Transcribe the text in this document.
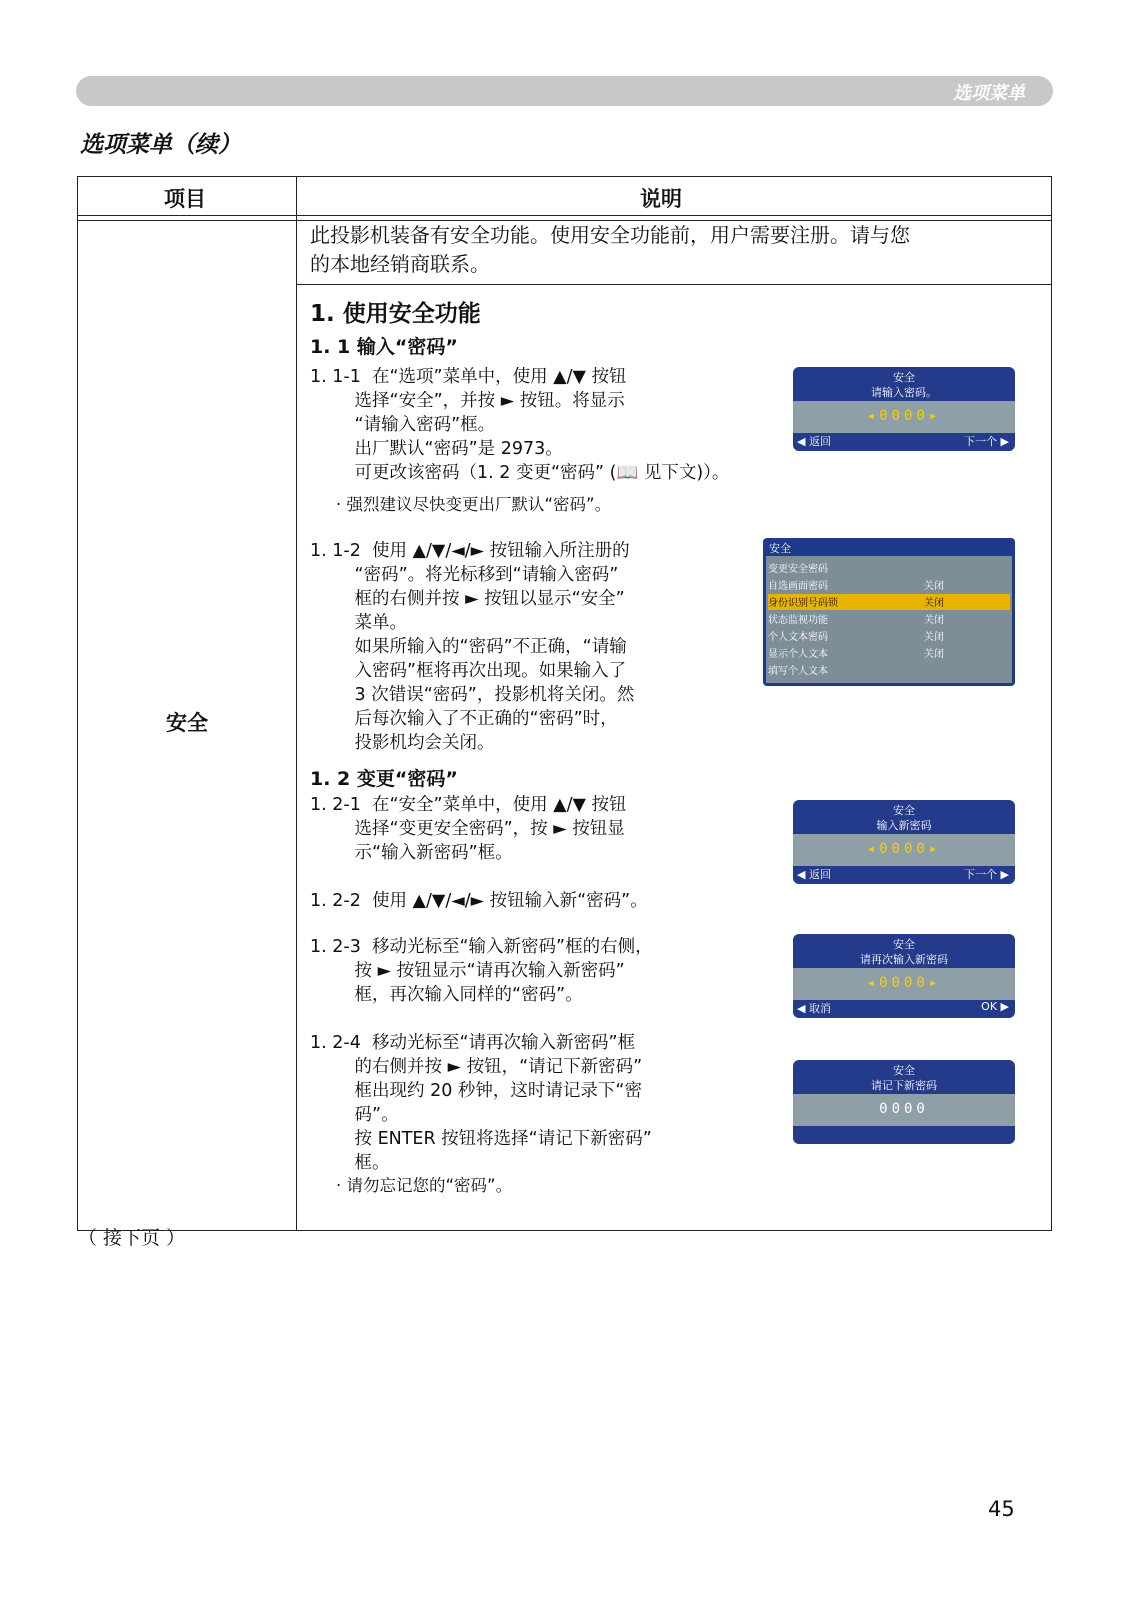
选项菜单
选项菜单（续）
项目	说明
安全
此投影机装备有安全功能。使用安全功能前，用户需要注册。请与您
的本地经销商联系。
1. 使用安全功能
1. 1 输入“密码”
1. 1-1  在“选项”菜单中，使用 ▲/▼ 按钮
选择“安全”，并按 ► 按钮。将显示
“请输入密码”框。
出厂默认“密码”是 2973。
可更改该密码（1. 2 变更“密码” (📖 见下文)）。
· 强烈建议尽快变更出厂默认“密码”。
1. 1-2  使用 ▲/▼/◄/► 按钮输入所注册的
“密码”。将光标移到“请输入密码”
框的右侧并按 ► 按钮以显示“安全”
菜单。
如果所输入的“密码”不正确，“请输
入密码”框将再次出现。如果输入了
3 次错误“密码”，投影机将关闭。然
后每次输入了不正确的“密码”时，
投影机均会关闭。
1. 2 变更“密码”
1. 2-1  在“安全”菜单中，使用 ▲/▼ 按钮
选择“变更安全密码”，按 ► 按钮显
示“输入新密码”框。
1. 2-2  使用 ▲/▼/◄/► 按钮输入新“密码”。
1. 2-3  移动光标至“输入新密码”框的右侧，
按 ► 按钮显示“请再次输入新密码”
框，再次输入同样的“密码”。
1. 2-4  移动光标至“请再次输入新密码”框
的右侧并按 ► 按钮，“请记下新密码”
框出现约 20 秒钟，这时请记录下“密
码”。
按 ENTER 按钮将选择“请记下新密码”
框。
· 请勿忘记您的“密码”。
安全
请输入密码。
◂0000▸
◀ 返回	下一个 ▶
安全
变更安全密码
自选画面密码	关闭
身份识别号码锁	关闭
状态监视功能	关闭
个人文本密码	关闭
显示个人文本	关闭
填写个人文本
安全
输入新密码
◂0000▸
◀ 返回	下一个 ▶
安全
请再次输入新密码
◂0000▸
◀ 取消	OK ▶
安全
请记下新密码
0000
ENTER, ⟲ :关闭
（ 接下页 ）
45
